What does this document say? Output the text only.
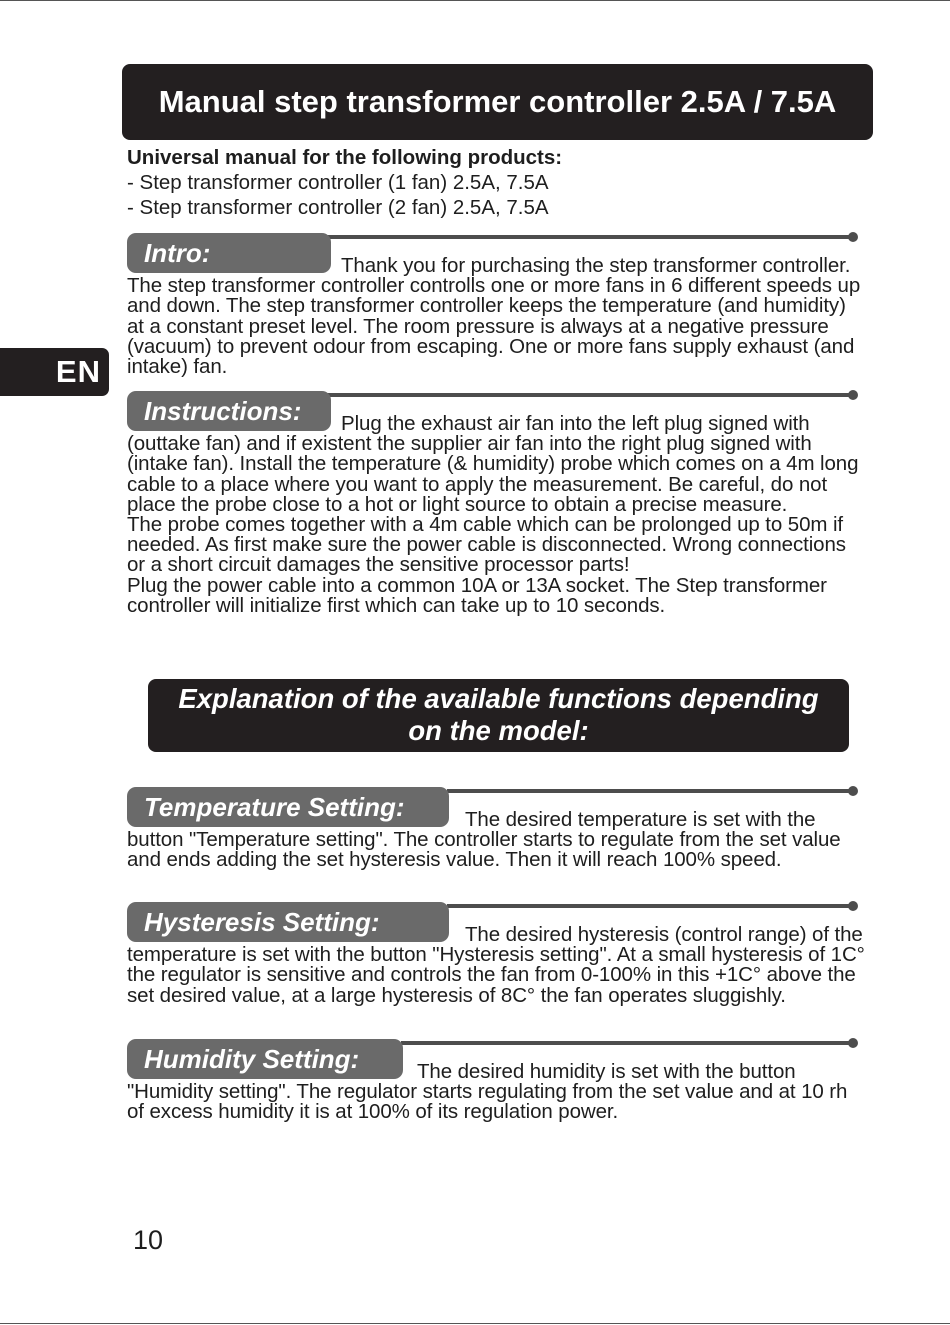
Manual step transformer controller 2.5A / 7.5A
EN
Universal manual for the following products:
- Step transformer controller (1 fan) 2.5A, 7.5A
- Step transformer controller (2 fan) 2.5A, 7.5A
Intro:	Thank you for purchasing the step transformer controller. The step transformer controller controlls one or more fans in 6 different speeds up and down. The step transformer controller keeps the temperature (and humidity) at a constant preset level. The room pressure is always at a negative pressure (vacuum) to prevent odour from escaping. One or more fans supply exhaust (and intake) fan.

Instructions:	Plug the exhaust air fan into the left plug signed with (outtake fan) and if existent the supplier air fan into the right plug signed with (intake fan). Install the temperature (& humidity) probe which comes on a 4m long cable to a place where you want to apply the measurement. Be careful, do not place the probe close to a hot or light source to obtain a precise measure.

The probe comes together with a 4m cable which can be prolonged up to 50m if needed. As first make sure the power cable is disconnected. Wrong connections or a short circuit damages the sensitive processor parts!

Plug the power cable into a common 10A or 13A socket. The Step transformer controller will initialize first which can take up to 10 seconds.

Explanation of the available functions depending
on the model:
Temperature Setting:	The desired temperature is set with the button "Temperature setting". The controller starts to regulate from the set value and ends adding the set hysteresis value. Then it will reach 100% speed.

Hysteresis Setting:	The desired hysteresis (control range) of the temperature is set with the button "Hysteresis setting". At a small hysteresis of 1C° the regulator is sensitive and controls the fan from 0-100% in this +1C° above the set desired value, at a large hysteresis of 8C° the fan operates sluggishly.

Humidity Setting:	The desired humidity is set with the button "Humidity setting". The regulator starts regulating from the set value and at 10 rh of excess humidity it is at 100% of its regulation power.

10
